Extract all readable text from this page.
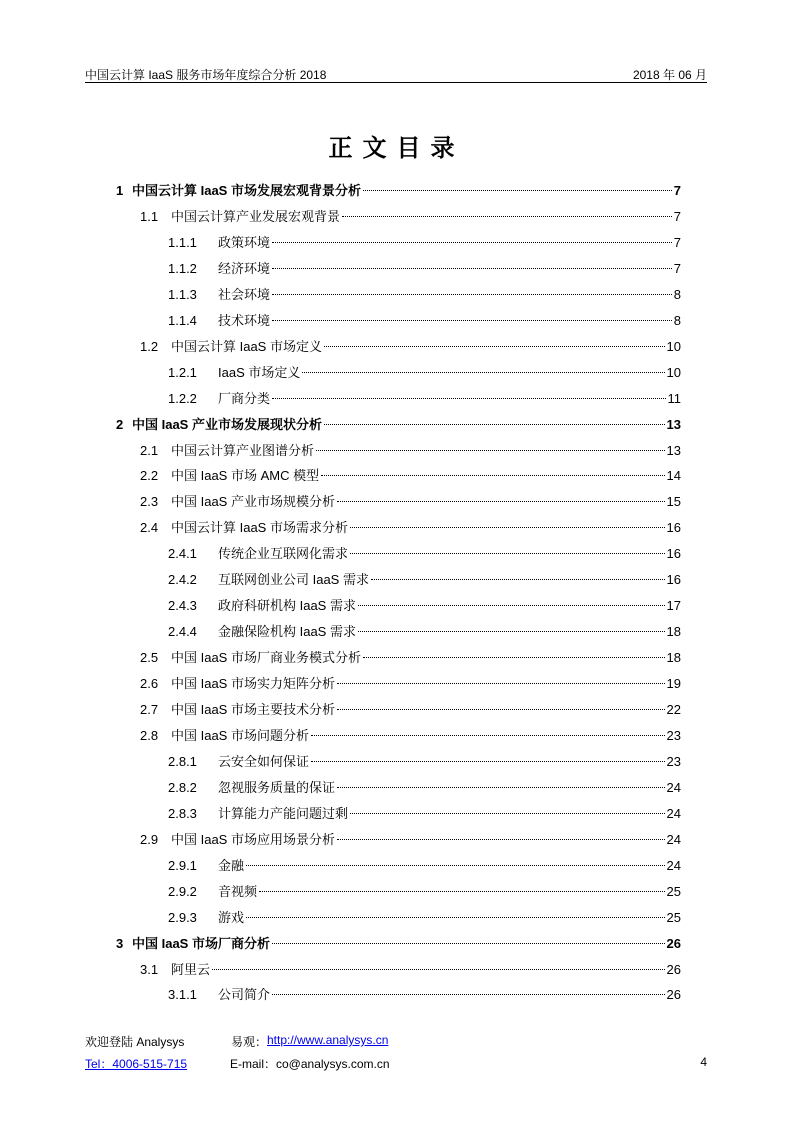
中国云计算 IaaS 服务市场年度综合分析 2018	2018 年 06 月
正文目录
1 中国云计算 IaaS 市场发展宏观背景分析	7
1.1 中国云计算产业发展宏观背景	7
1.1.1	政策环境	7
1.1.2	经济环境	7
1.1.3	社会环境	8
1.1.4	技术环境	8
1.2 中国云计算 IaaS 市场定义	10
1.2.1	IaaS 市场定义	10
1.2.2	厂商分类	11
2 中国 IaaS 产业市场发展现状分析	13
2.1 中国云计算产业图谱分析	13
2.2 中国 IaaS 市场 AMC 模型	14
2.3 中国 IaaS 产业市场规模分析	15
2.4 中国云计算 IaaS 市场需求分析	16
2.4.1	传统企业互联网化需求	16
2.4.2	互联网创业公司 IaaS 需求	16
2.4.3	政府科研机构 IaaS 需求	17
2.4.4	金融保险机构 IaaS 需求	18
2.5 中国 IaaS 市场厂商业务模式分析	18
2.6 中国 IaaS 市场实力矩阵分析	19
2.7 中国 IaaS 市场主要技术分析	22
2.8 中国 IaaS 市场问题分析	23
2.8.1	云安全如何保证	23
2.8.2	忽视服务质量的保证	24
2.8.3	计算能力产能问题过剩	24
2.9 中国 IaaS 市场应用场景分析	24
2.9.1	金融	24
2.9.2	音视频	25
2.9.3	游戏	25
3 中国 IaaS 市场厂商分析	26
3.1 阿里云	26
3.1.1	公司简介	26
欢迎登陆 Analysys	易观： http://www.analysys.cn
Tel：4006-515-715	E-mail：co@analysys.com.cn	4
